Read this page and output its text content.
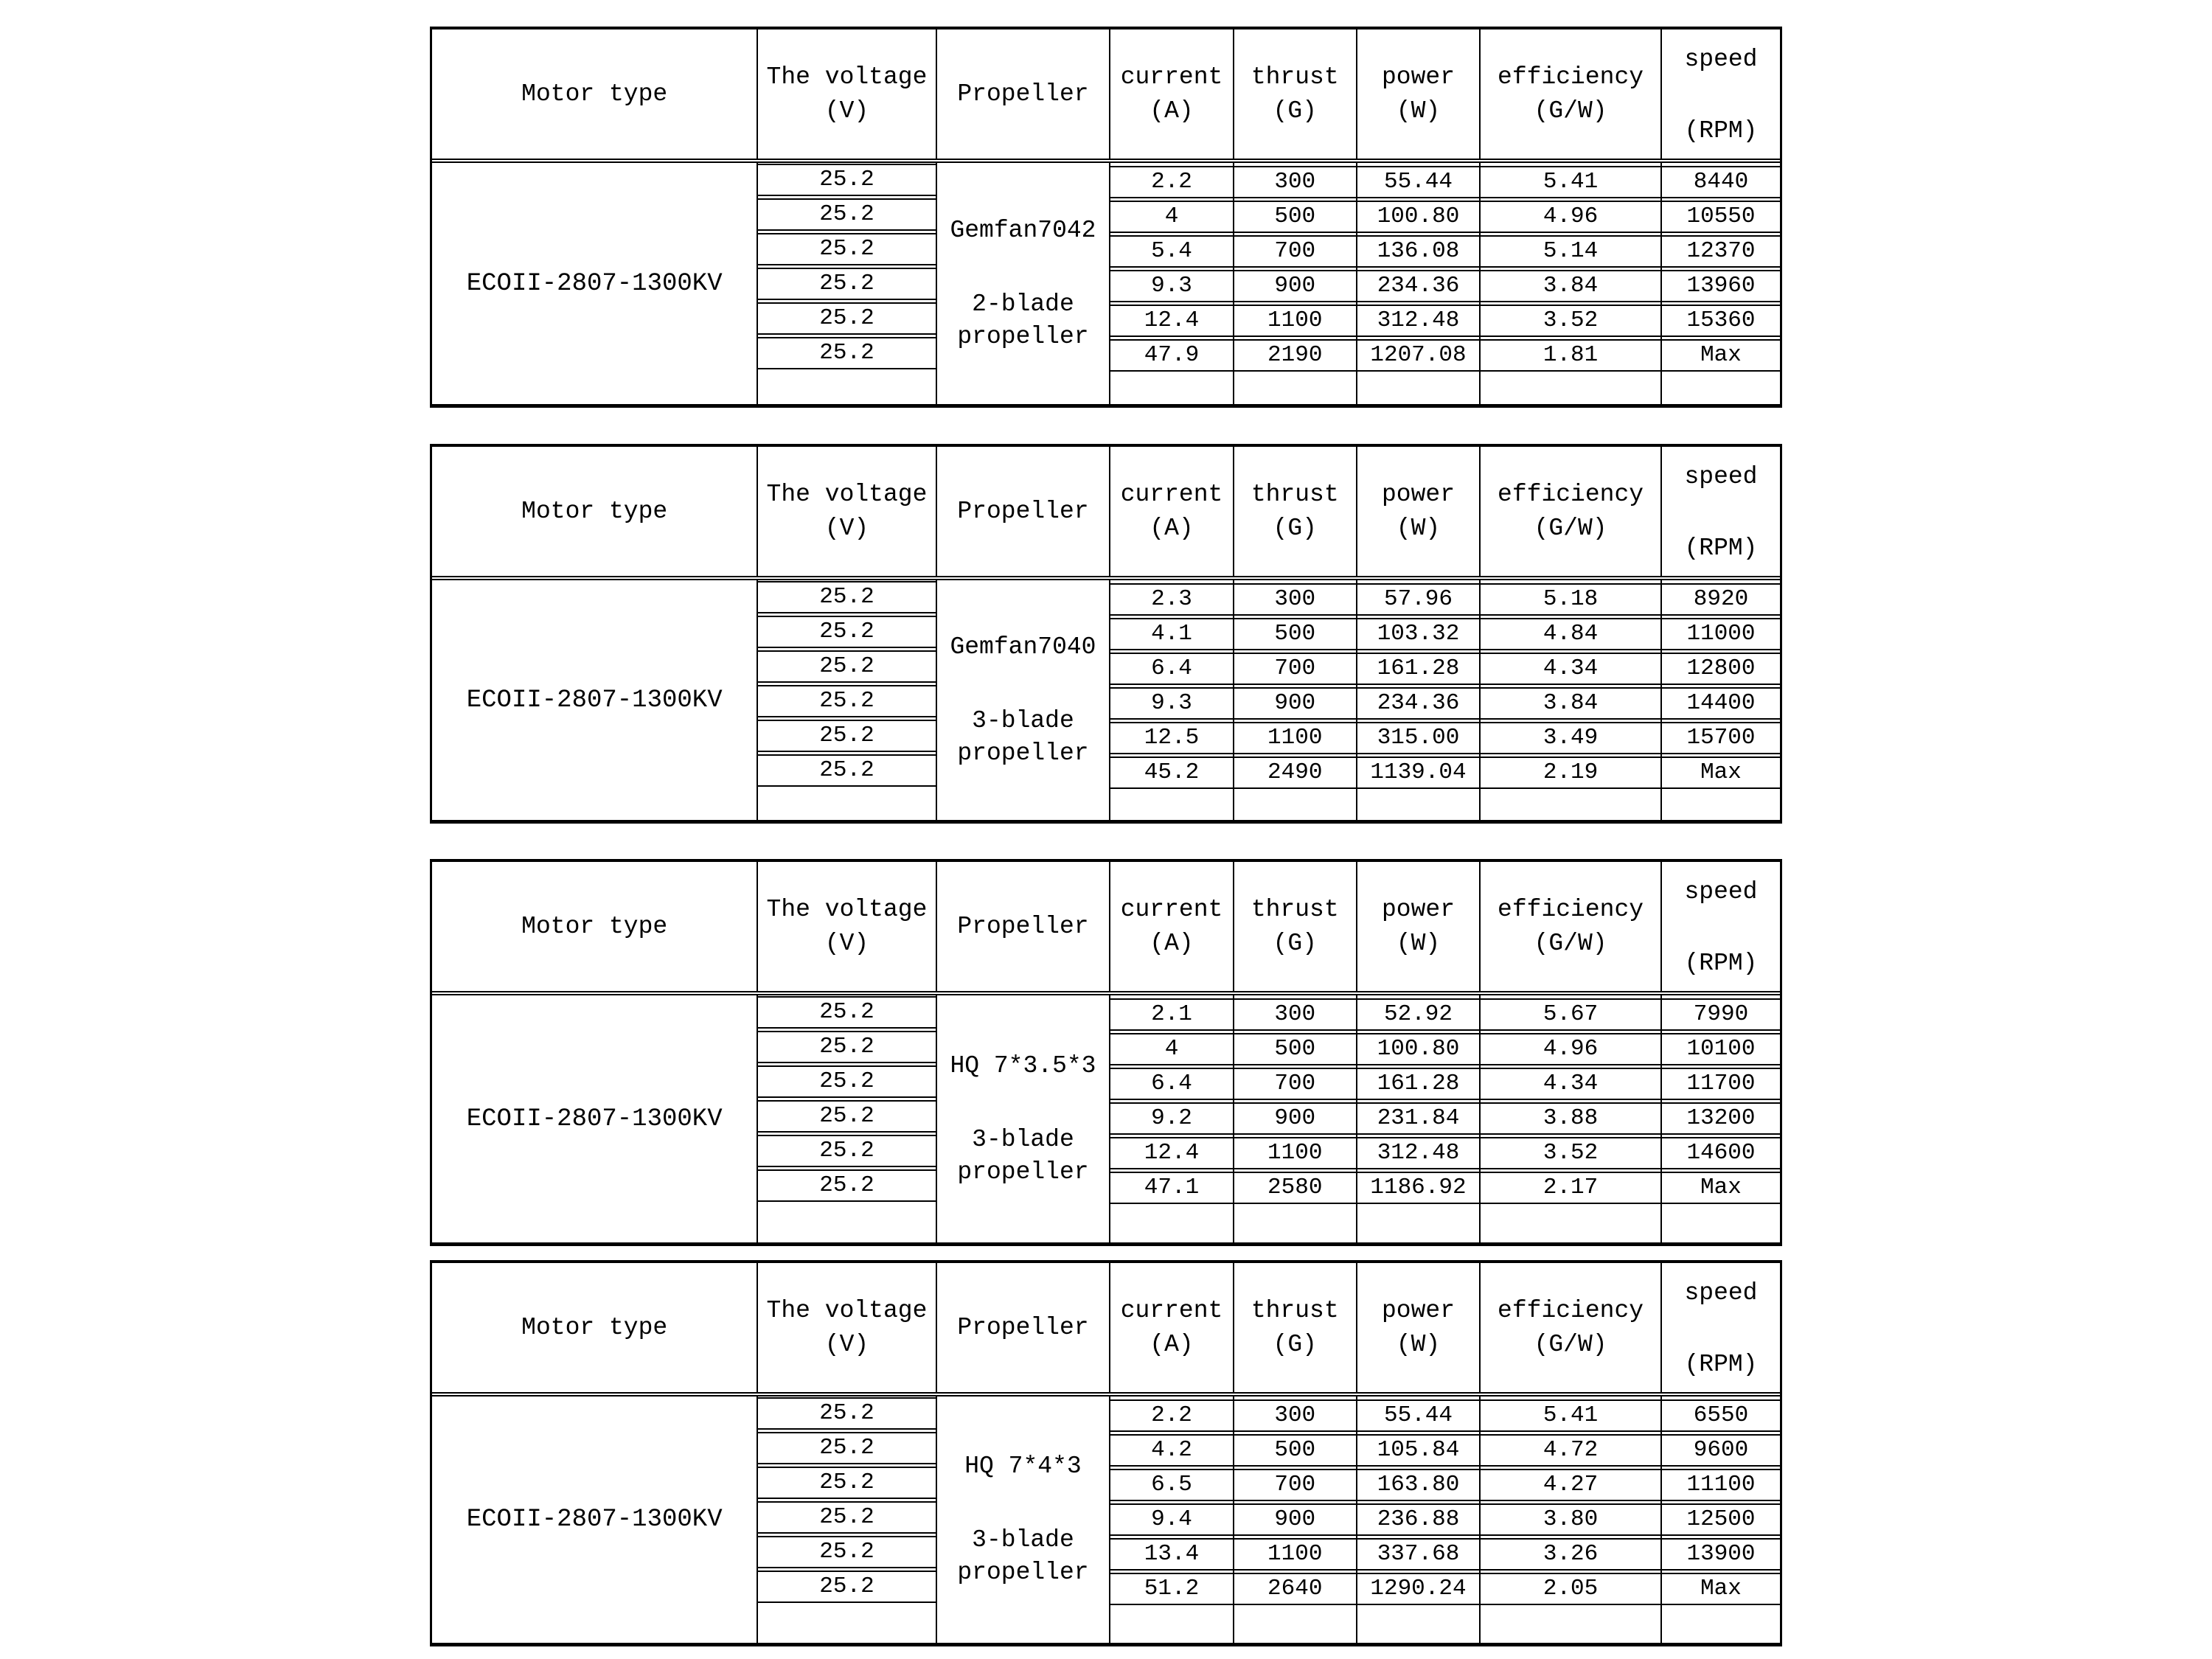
Motor type
The voltage
(V)
Propeller
current
(A)
thrust
(G)
power
(W)
efficiency
(G/W)
speed
(RPM)
ECOII-2807-1300KV
25.2
25.2
25.2
25.2
25.2
25.2
Gemfan7042
2-blade
propeller
2.2
4
5.4
9.3
12.4
47.9
300
500
700
900
1100
2190
55.44
100.80
136.08
234.36
312.48
1207.08
5.41
4.96
5.14
3.84
3.52
1.81
8440
10550
12370
13960
15360
Max
Motor type
The voltage
(V)
Propeller
current
(A)
thrust
(G)
power
(W)
efficiency
(G/W)
speed
(RPM)
ECOII-2807-1300KV
25.2
25.2
25.2
25.2
25.2
25.2
Gemfan7040
3-blade
propeller
2.3
4.1
6.4
9.3
12.5
45.2
300
500
700
900
1100
2490
57.96
103.32
161.28
234.36
315.00
1139.04
5.18
4.84
4.34
3.84
3.49
2.19
8920
11000
12800
14400
15700
Max
Motor type
The voltage
(V)
Propeller
current
(A)
thrust
(G)
power
(W)
efficiency
(G/W)
speed
(RPM)
ECOII-2807-1300KV
25.2
25.2
25.2
25.2
25.2
25.2
HQ 7*3.5*3
3-blade
propeller
2.1
4
6.4
9.2
12.4
47.1
300
500
700
900
1100
2580
52.92
100.80
161.28
231.84
312.48
1186.92
5.67
4.96
4.34
3.88
3.52
2.17
7990
10100
11700
13200
14600
Max
Motor type
The voltage
(V)
Propeller
current
(A)
thrust
(G)
power
(W)
efficiency
(G/W)
speed
(RPM)
ECOII-2807-1300KV
25.2
25.2
25.2
25.2
25.2
25.2
HQ 7*4*3
3-blade
propeller
2.2
4.2
6.5
9.4
13.4
51.2
300
500
700
900
1100
2640
55.44
105.84
163.80
236.88
337.68
1290.24
5.41
4.72
4.27
3.80
3.26
2.05
6550
9600
11100
12500
13900
Max
